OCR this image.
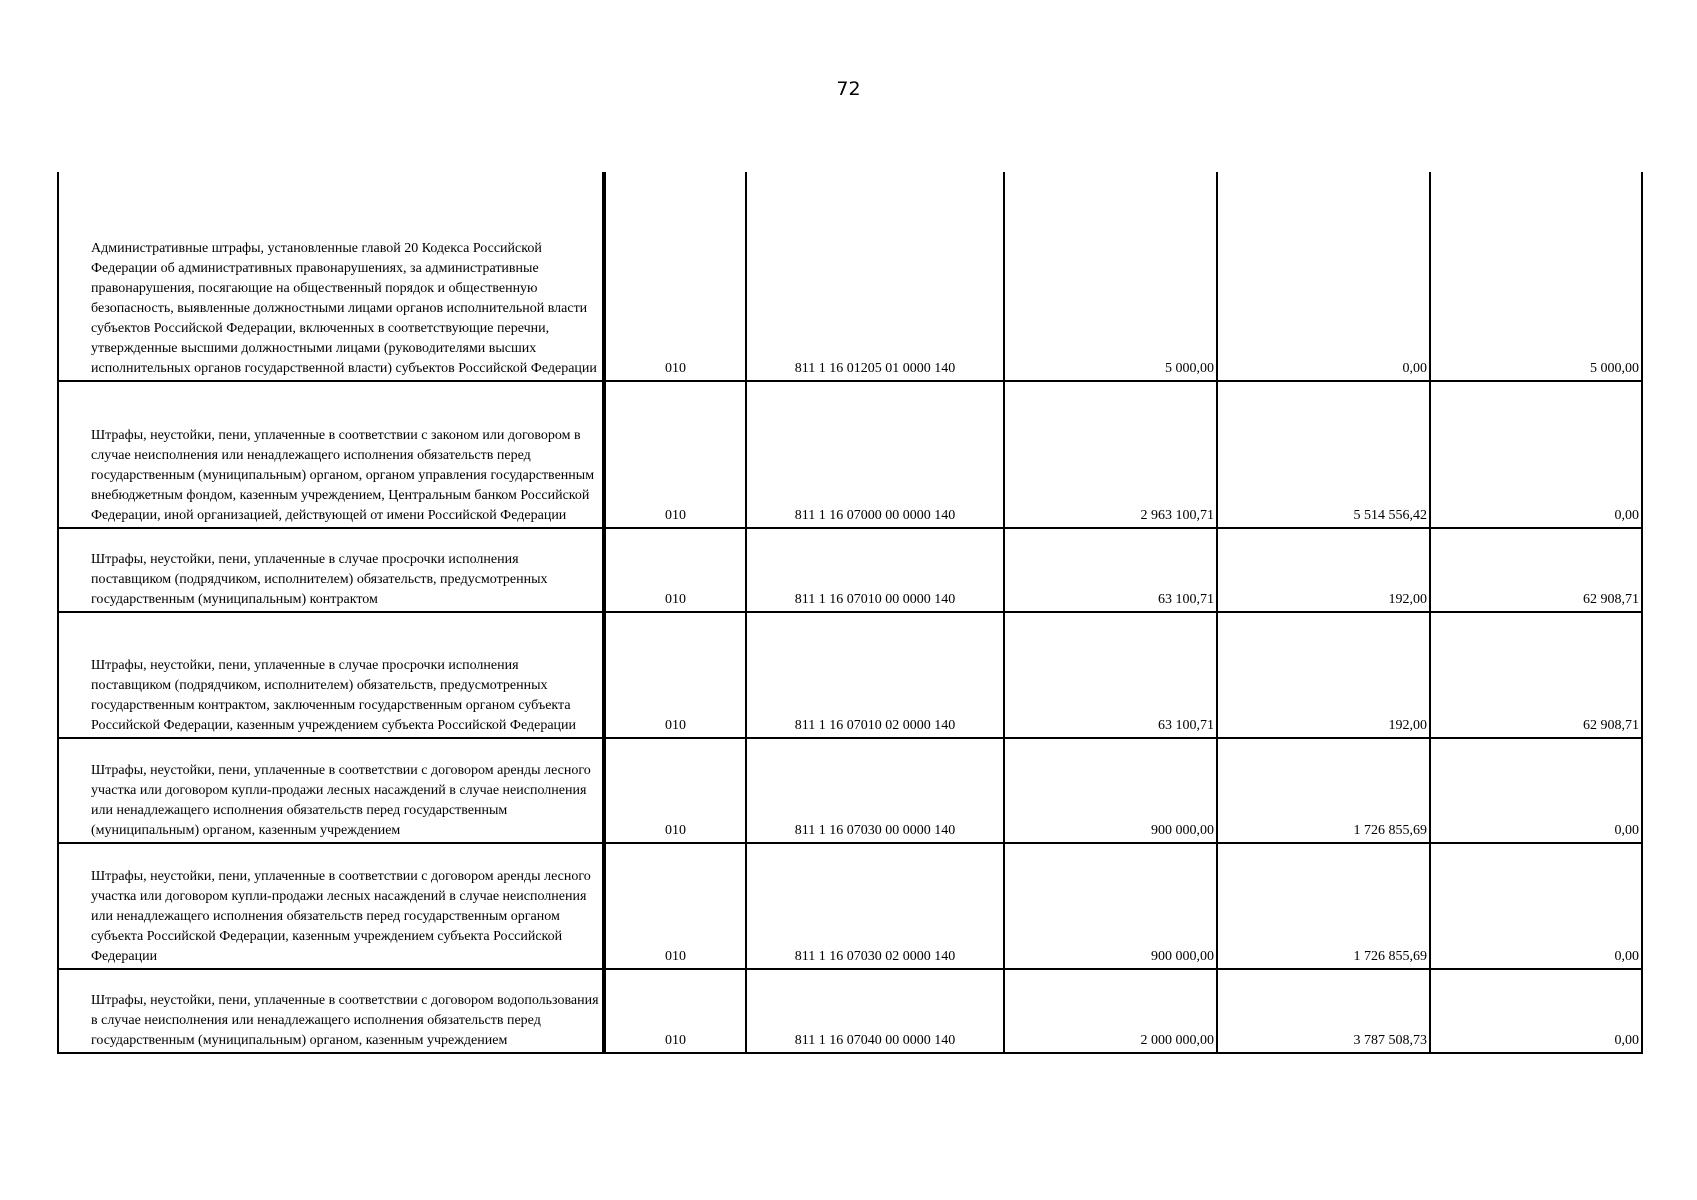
72
Административные штрафы, установленные главой 20 Кодекса Российской Федерации об административных правонарушениях, за административные правонарушения, посягающие на общественный порядок и общественную безопасность, выявленные должностными лицами органов исполнительной власти субъектов Российской Федерации, включенных в соответствующие перечни, утвержденные высшими должностными лицами (руководителями высших исполнительных органов государственной власти) субъектов Российской Федерации	010	811 1 16 01205 01 0000 140	5 000,00	0,00	5 000,00
Штрафы, неустойки, пени, уплаченные в соответствии с законом или договором в случае неисполнения или ненадлежащего исполнения обязательств перед государственным (муниципальным) органом, органом управления государственным внебюджетным фондом, казенным учреждением, Центральным банком Российской Федерации, иной организацией, действующей от имени Российской Федерации	010	811 1 16 07000 00 0000 140	2 963 100,71	5 514 556,42	0,00
Штрафы, неустойки, пени, уплаченные в случае просрочки исполнения поставщиком (подрядчиком, исполнителем) обязательств, предусмотренных государственным (муниципальным) контрактом	010	811 1 16 07010 00 0000 140	63 100,71	192,00	62 908,71
Штрафы, неустойки, пени, уплаченные в случае просрочки исполнения поставщиком (подрядчиком, исполнителем) обязательств, предусмотренных государственным контрактом, заключенным государственным органом субъекта Российской Федерации, казенным учреждением субъекта Российской Федерации	010	811 1 16 07010 02 0000 140	63 100,71	192,00	62 908,71
Штрафы, неустойки, пени, уплаченные в соответствии с договором аренды лесного участка или договором купли-продажи лесных насаждений в случае неисполнения или ненадлежащего исполнения обязательств перед государственным (муниципальным) органом, казенным учреждением	010	811 1 16 07030 00 0000 140	900 000,00	1 726 855,69	0,00
Штрафы, неустойки, пени, уплаченные в соответствии с договором аренды лесного участка или договором купли-продажи лесных насаждений в случае неисполнения или ненадлежащего исполнения обязательств перед государственным органом субъекта Российской Федерации, казенным учреждением субъекта Российской Федерации	010	811 1 16 07030 02 0000 140	900 000,00	1 726 855,69	0,00
Штрафы, неустойки, пени, уплаченные в соответствии с договором водопользования в случае неисполнения или ненадлежащего исполнения обязательств перед государственным (муниципальным) органом, казенным учреждением	010	811 1 16 07040 00 0000 140	2 000 000,00	3 787 508,73	0,00
